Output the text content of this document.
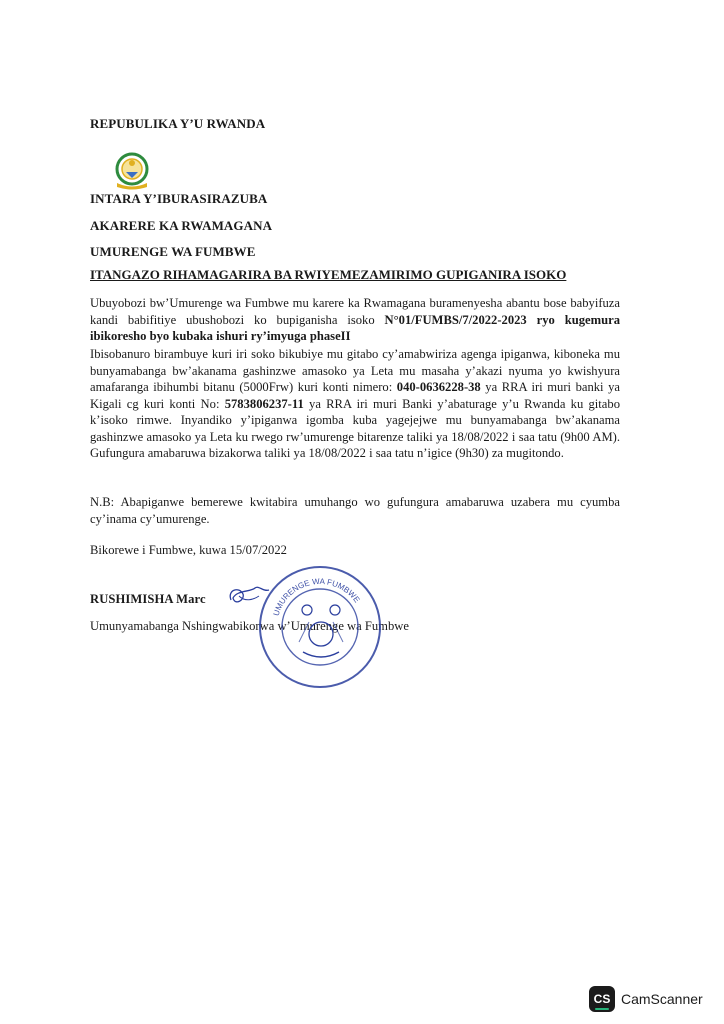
REPUBULIKA Y’U RWANDA
INTARA Y’IBURASIRAZUBA
AKARERE KA RWAMAGANA
UMURENGE WA FUMBWE
ITANGAZO RIHAMAGARIRA BA RWIYEMEZAMIRIMO GUPIGANIRA ISOKO
Ubuyobozi bw’Umurenge wa Fumbwe mu karere ka Rwamagana buramenyesha abantu bose babyifuza kandi babifitiye ubushobozi ko bupiganisha isoko N°01/FUMBS/7/2022-2023 ryo kugemura ibikoresho byo kubaka ishuri ry’imyuga phaseII
Ibisobanuro birambuye kuri iri soko bikubiye mu gitabo cy’amabwiriza agenga ipiganwa, kiboneka mu bunyamabanga bw’akanama gashinzwe amasoko ya Leta mu masaha y’akazi nyuma yo kwishyura amafaranga ibihumbi bitanu (5000Frw) kuri konti nimero: 040-0636228-38 ya RRA iri muri banki ya Kigali cg kuri konti No: 5783806237-11 ya RRA iri muri Banki y’abaturage y’u Rwanda ku gitabo k’isoko rimwe. Inyandiko y’ipiganwa igomba kuba yagejejwe mu bunyamabanga bw’akanama gashinzwe amasoko ya Leta ku rwego rw’umurenge bitarenze taliki ya 18/08/2022 i saa tatu (9h00 AM). Gufungura amabaruwa bizakorwa taliki ya 18/08/2022 i saa tatu n’igice (9h30) za mugitondo.
N.B: Abapiganwe bemerewe kwitabira umuhango wo gufungura amabaruwa uzabera mu cyumba cy’inama cy’umurenge.
Bikorewe i Fumbwe, kuwa 15/07/2022
RUSHIMISHA Marc
Umunyamabanga Nshingwabikorwa w’Umurenge wa Fumbwe
UMURENGE WA FUMBWE
CS CamScanner
